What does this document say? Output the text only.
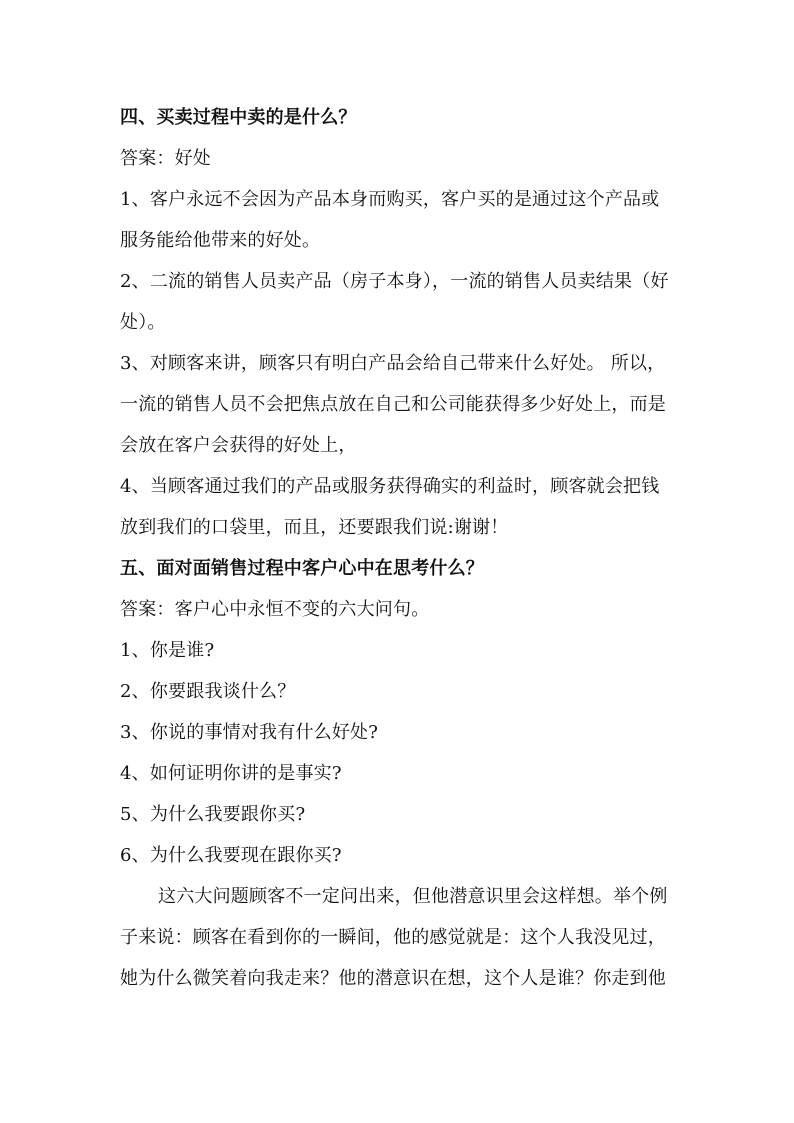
四、买卖过程中卖的是什么？
答案：好处
1、客户永远不会因为产品本身而购买，客户买的是通过这个产品或
服务能给他带来的好处。
2、二流的销售人员卖产品（房子本身），一流的销售人员卖结果（好
处）。
3、对顾客来讲，顾客只有明白产品会给自己带来什么好处。 所以，
一流的销售人员不会把焦点放在自己和公司能获得多少好处上，而是
会放在客户会获得的好处上，
4、当顾客通过我们的产品或服务获得确实的利益时，顾客就会把钱
放到我们的口袋里，而且，还要跟我们说:谢谢！
五、面对面销售过程中客户心中在思考什么？
答案：客户心中永恒不变的六大问句。
1、你是谁?
2、你要跟我谈什么？
3、你说的事情对我有什么好处?
4、如何证明你讲的是事实?
5、为什么我要跟你买?
6、为什么我要现在跟你买?
这六大问题顾客不一定问出来，但他潜意识里会这样想。举个例
子来说：顾客在看到你的一瞬间，他的感觉就是：这个人我没见过，
她为什么微笑着向我走来？他的潜意识在想，这个人是谁？你走到他
